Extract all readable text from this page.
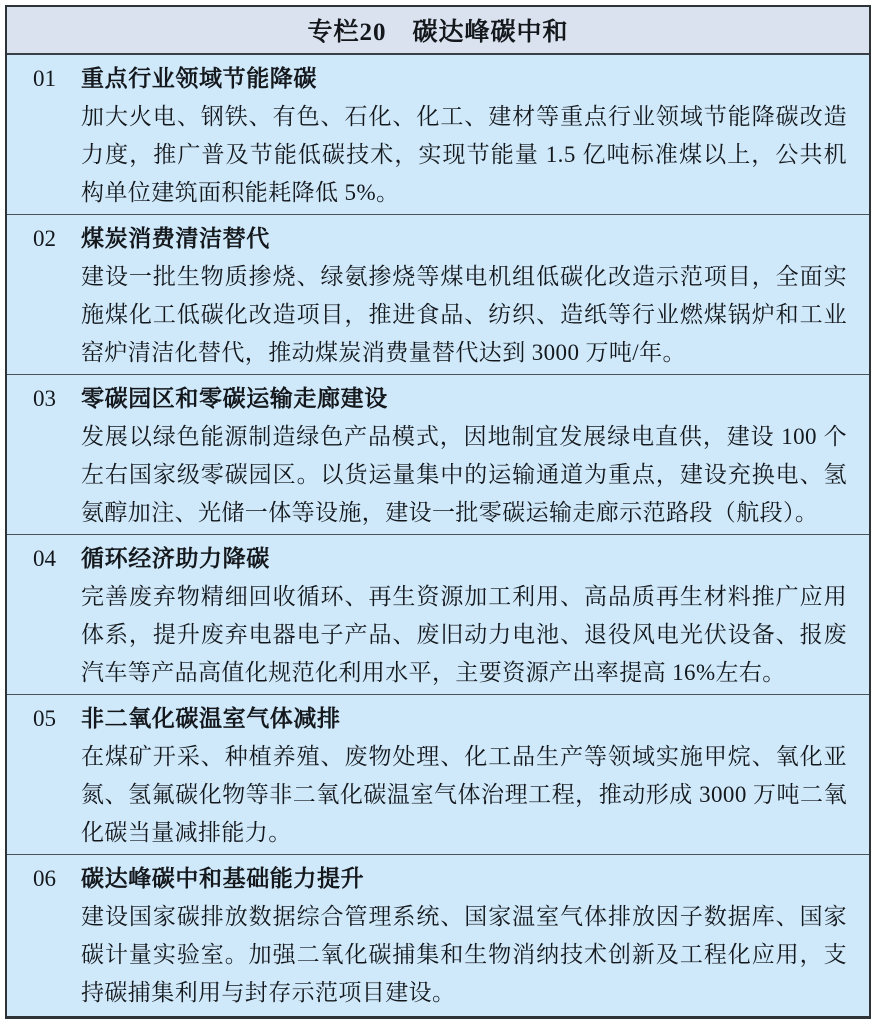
专栏20　碳达峰碳中和
01	重点行业领域节能降碳

加大火电、钢铁、有色、石化、化工、建材等重点行业领域节能降碳改造力度，推广普及节能低碳技术，实现节能量 1.5 亿吨标准煤以上，公共机构单位建筑面积能耗降低 5%。

02	煤炭消费清洁替代

建设一批生物质掺烧、绿氨掺烧等煤电机组低碳化改造示范项目，全面实施煤化工低碳化改造项目，推进食品、纺织、造纸等行业燃煤锅炉和工业窑炉清洁化替代，推动煤炭消费量替代达到 3000 万吨/年。

03	零碳园区和零碳运输走廊建设

发展以绿色能源制造绿色产品模式，因地制宜发展绿电直供，建设 100 个左右国家级零碳园区。以货运量集中的运输通道为重点，建设充换电、氢氨醇加注、光储一体等设施，建设一批零碳运输走廊示范路段（航段）。

04	循环经济助力降碳

完善废弃物精细回收循环、再生资源加工利用、高品质再生材料推广应用体系，提升废弃电器电子产品、废旧动力电池、退役风电光伏设备、报废汽车等产品高值化规范化利用水平，主要资源产出率提高 16%左右。

05	非二氧化碳温室气体减排

在煤矿开采、种植养殖、废物处理、化工品生产等领域实施甲烷、氧化亚氮、氢氟碳化物等非二氧化碳温室气体治理工程，推动形成 3000 万吨二氧化碳当量减排能力。

06	碳达峰碳中和基础能力提升

建设国家碳排放数据综合管理系统、国家温室气体排放因子数据库、国家碳计量实验室。加强二氧化碳捕集和生物消纳技术创新及工程化应用，支持碳捕集利用与封存示范项目建设。
